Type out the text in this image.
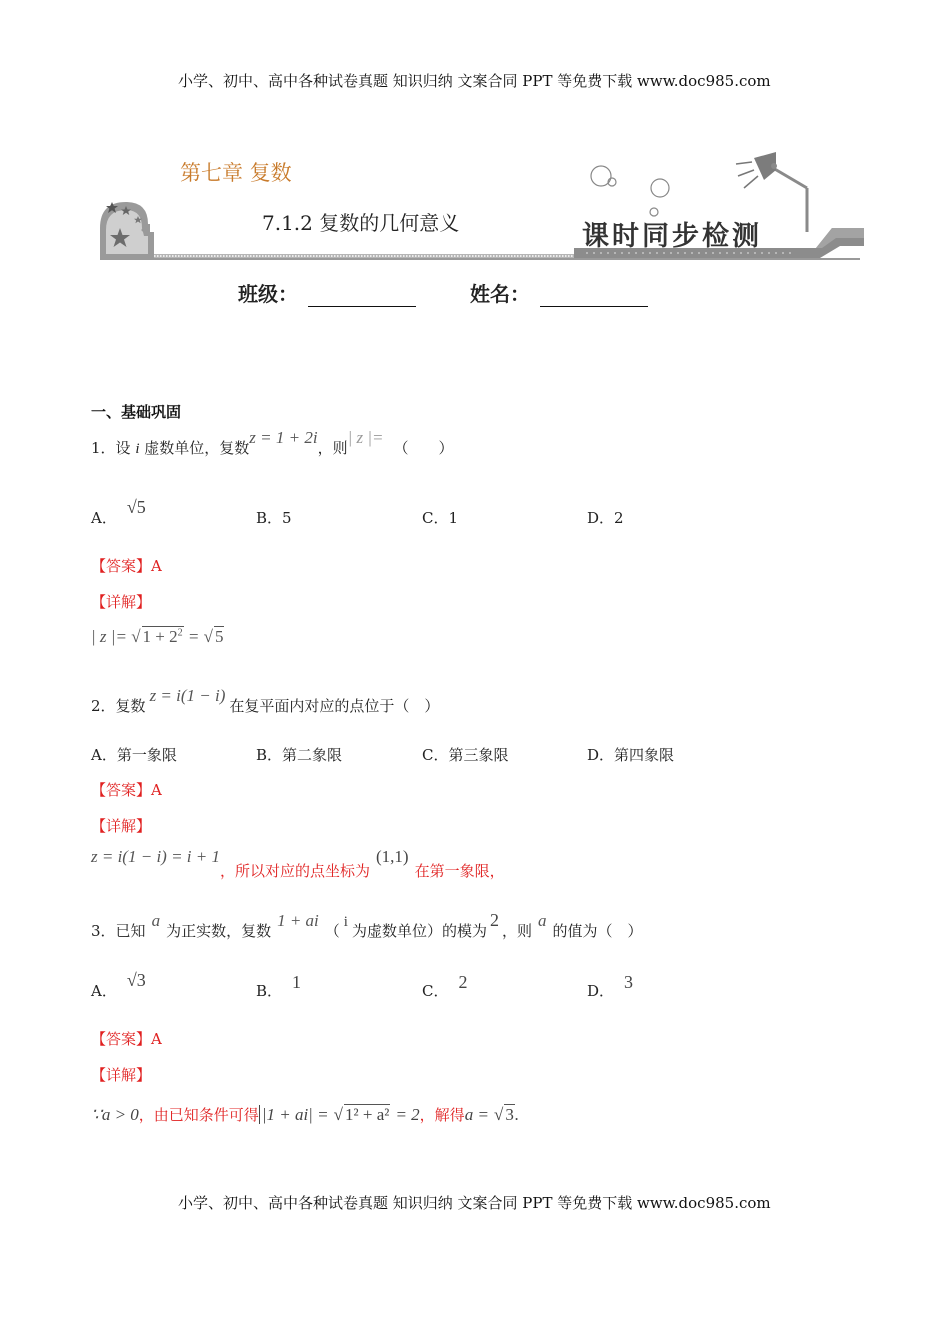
小学、初中、高中各种试卷真题 知识归纳 文案合同 PPT 等免费下载 www.doc985.com
第七章 复数
7.1.2 复数的几何意义	课时同步检测
班级：	姓名：
一、基础巩固
1．设 i 虚数单位，复数z = 1 + 2i，则| z |=（　　）
A．√5
B．5	C．1	D．2
【答案】A
【详解】
| z |= √ $1 + 2^2$ = √ 5
2．复数z = i(1 − i)在复平面内对应的点位于（　）
A．第一象限	B．第二象限	C．第三象限	D．第四象限
【答案】A
【详解】
z = i(1 − i) = i + 1，所以对应的点坐标为(1,1)在第一象限，
3．已知a为正实数，复数1 + ai（ i 为虚数单位）的模为2，则a的值为（　）
A．√3
B． 1	C． 2	D． 3
【答案】A
【详解】
∵a > 0，由已知条件可得 |1 + ai| = √ 1² + a² = 2，解得a = √ 3.
小学、初中、高中各种试卷真题 知识归纳 文案合同 PPT 等免费下载 www.doc985.com
